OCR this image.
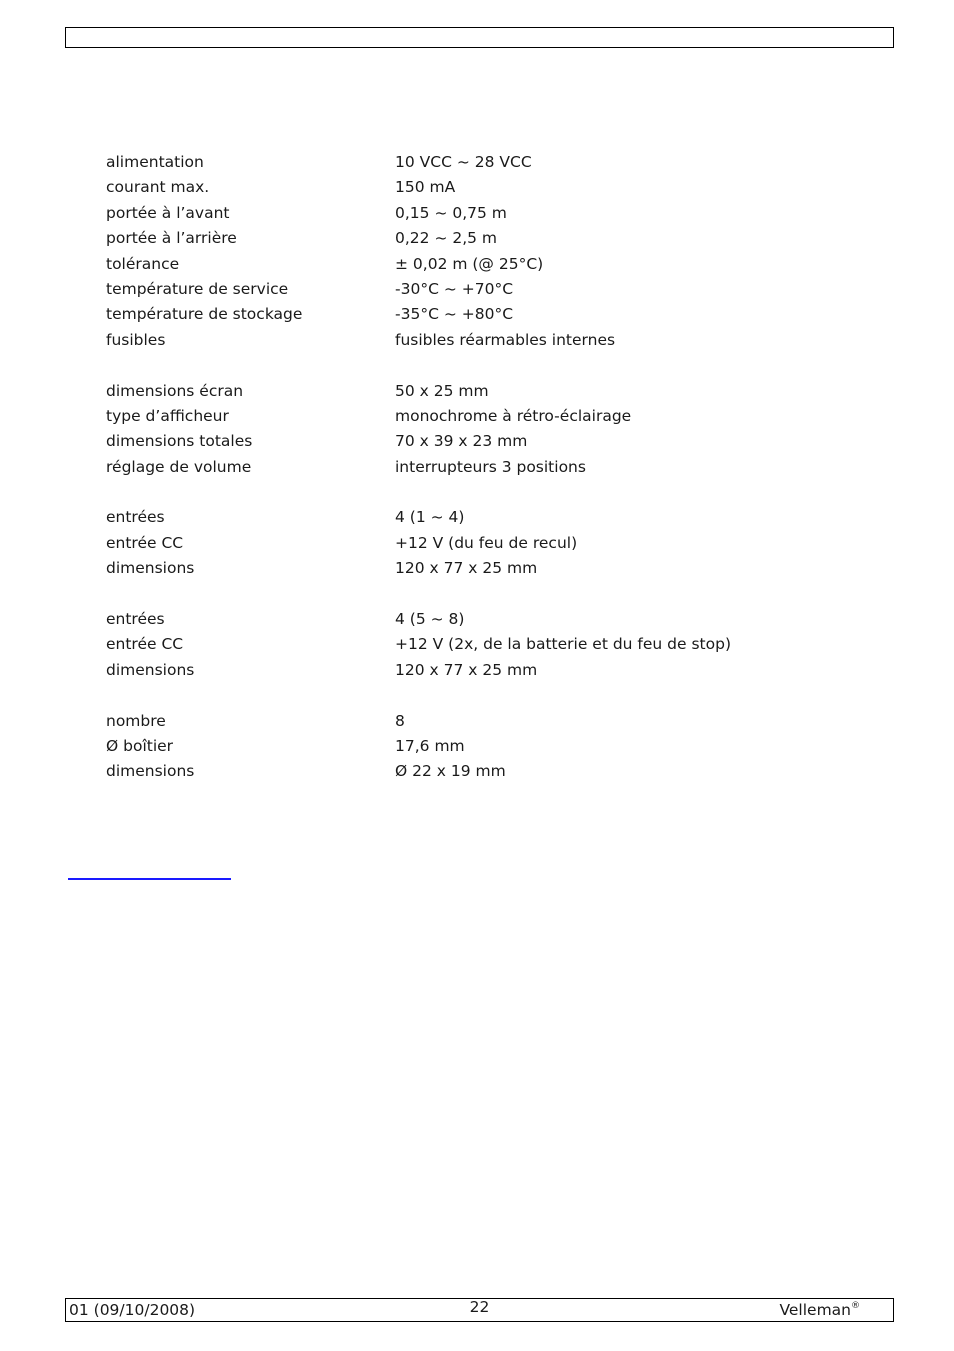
alimentation	10 VCC ~ 28 VCC
courant max.	150 mA
portée à l’avant	0,15 ~ 0,75 m
portée à l’arrière	0,22 ~ 2,5 m
tolérance	± 0,02 m (@ 25°C)
température de service	-30°C ~ +70°C
température de stockage	-35°C ~ +80°C
fusibles	fusibles réarmables internes
dimensions écran	50 x 25 mm
type d’afficheur	monochrome à rétro-éclairage
dimensions totales	70 x 39 x 23 mm
réglage de volume	interrupteurs 3 positions
entrées	4 (1 ~ 4)
entrée CC	+12 V (du feu de recul)
dimensions	120 x 77 x 25 mm
entrées	4 (5 ~ 8)
entrée CC	+12 V (2x, de la batterie et du feu de stop)
dimensions	120 x 77 x 25 mm
nombre	8
Ø boîtier	17,6 mm
dimensions	Ø 22 x 19 mm
01 (09/10/2008)	22	Velleman®
